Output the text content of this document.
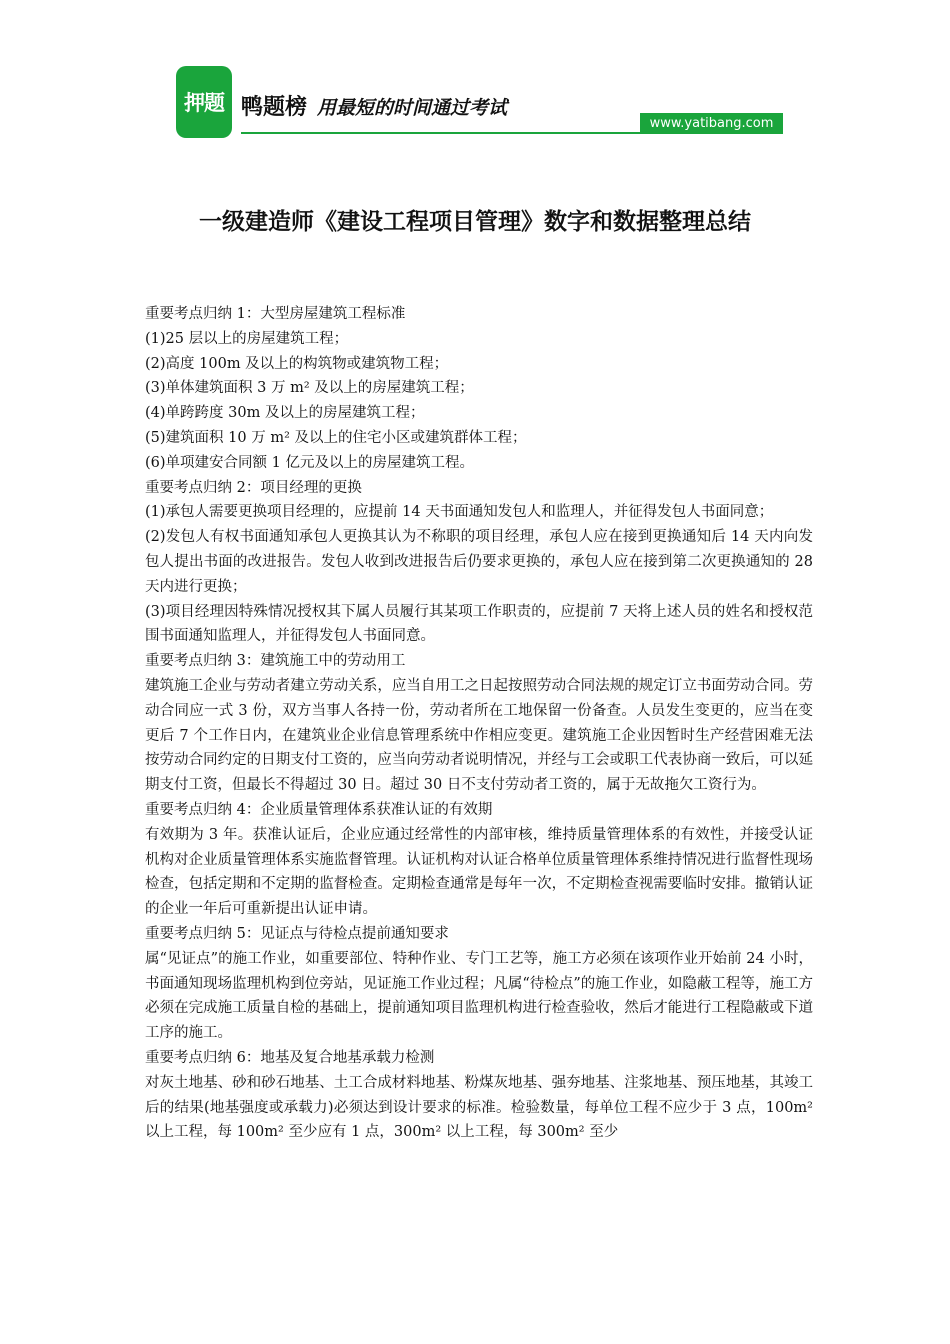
押题 鸭题榜 用最短的时间通过考试
www.yatibang.com
一级建造师《建设工程项目管理》数字和数据整理总结

重要考点归纳 1：大型房屋建筑工程标准

(1)25 层以上的房屋建筑工程；

(2)高度 100m 及以上的构筑物或建筑物工程；

(3)单体建筑面积 3 万 m² 及以上的房屋建筑工程；

(4)单跨跨度 30m 及以上的房屋建筑工程；

(5)建筑面积 10 万 m² 及以上的住宅小区或建筑群体工程；

(6)单项建安合同额 1 亿元及以上的房屋建筑工程。

重要考点归纳 2：项目经理的更换

(1)承包人需要更换项目经理的，应提前 14 天书面通知发包人和监理人，并征得发包人书面同意；

(2)发包人有权书面通知承包人更换其认为不称职的项目经理，承包人应在接到更换通知后 14 天内向发包人提出书面的改进报告。发包人收到改进报告后仍要求更换的，承包人应在接到第二次更换通知的 28 天内进行更换；

(3)项目经理因特殊情况授权其下属人员履行其某项工作职责的，应提前 7 天将上述人员的姓名和授权范围书面通知监理人，并征得发包人书面同意。

重要考点归纳 3：建筑施工中的劳动用工

建筑施工企业与劳动者建立劳动关系，应当自用工之日起按照劳动合同法规的规定订立书面劳动合同。劳动合同应一式 3 份，双方当事人各持一份，劳动者所在工地保留一份备查。人员发生变更的，应当在变更后 7 个工作日内，在建筑业企业信息管理系统中作相应变更。建筑施工企业因暂时生产经营困难无法按劳动合同约定的日期支付工资的，应当向劳动者说明情况，并经与工会或职工代表协商一致后，可以延期支付工资，但最长不得超过 30 日。超过 30 日不支付劳动者工资的，属于无故拖欠工资行为。

重要考点归纳 4：企业质量管理体系获准认证的有效期

有效期为 3 年。获准认证后，企业应通过经常性的内部审核，维持质量管理体系的有效性，并接受认证机构对企业质量管理体系实施监督管理。认证机构对认证合格单位质量管理体系维持情况进行监督性现场检查，包括定期和不定期的监督检查。定期检查通常是每年一次，不定期检查视需要临时安排。撤销认证的企业一年后可重新提出认证申请。

重要考点归纳 5：见证点与待检点提前通知要求

属“见证点”的施工作业，如重要部位、特种作业、专门工艺等，施工方必须在该项作业开始前 24 小时，书面通知现场监理机构到位旁站，见证施工作业过程；凡属“待检点”的施工作业，如隐蔽工程等，施工方必须在完成施工质量自检的基础上，提前通知项目监理机构进行检查验收，然后才能进行工程隐蔽或下道工序的施工。

重要考点归纳 6：地基及复合地基承载力检测

对灰土地基、砂和砂石地基、土工合成材料地基、粉煤灰地基、强夯地基、注浆地基、预压地基，其竣工后的结果(地基强度或承载力)必须达到设计要求的标准。检验数量，每单位工程不应少于 3 点，100m² 以上工程，每 100m² 至少应有 1 点，300m² 以上工程，每 300m² 至少
